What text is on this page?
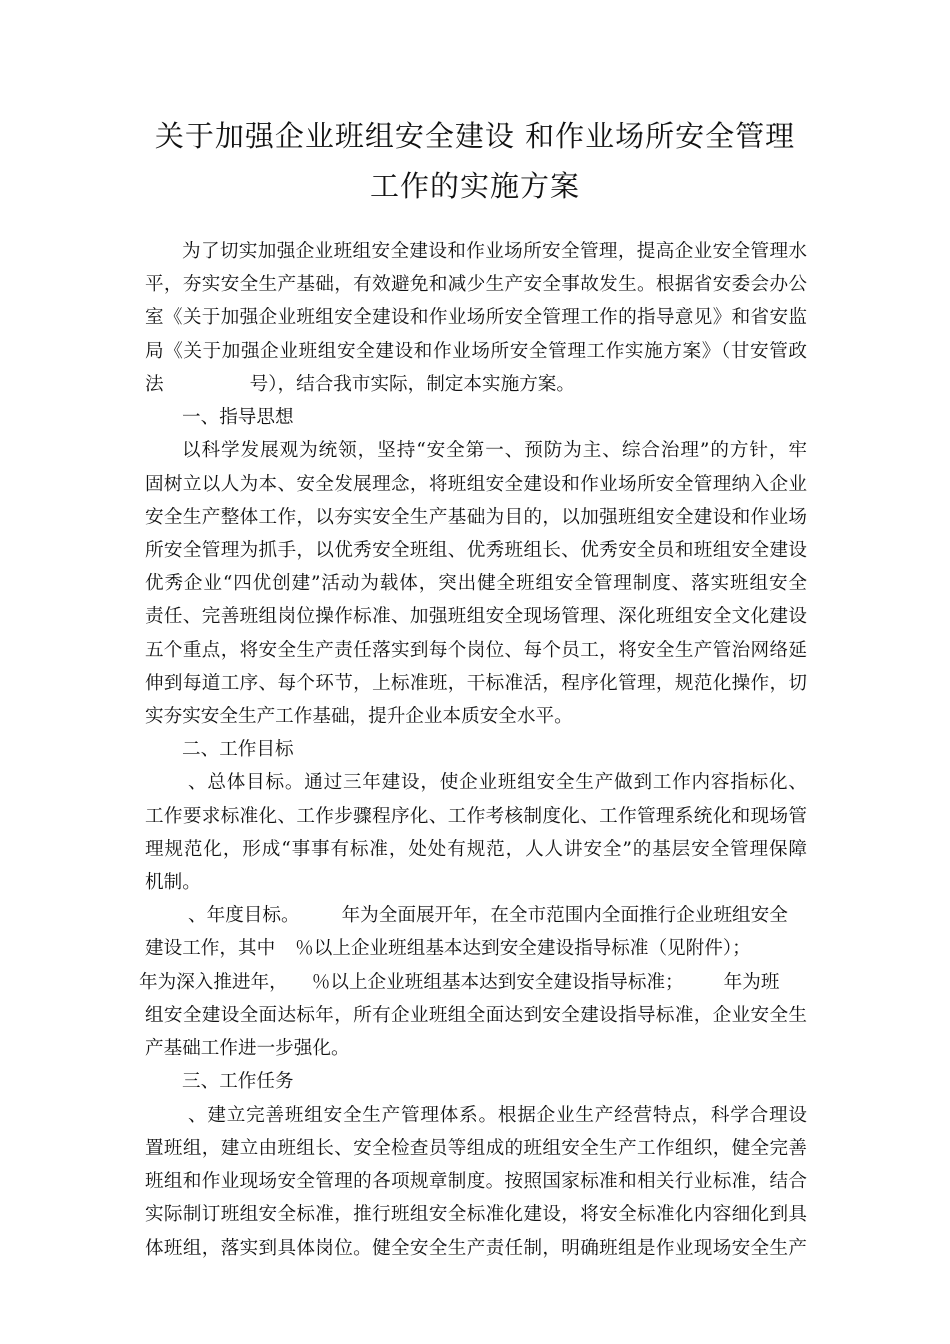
关于加强企业班组安全建设 和作业场所安全管理
工作的实施方案
为了切实加强企业班组安全建设和作业场所安全管理，提高企业安全管理水
平，夯实安全生产基础，有效避免和减少生产安全事故发生。根据省安委会办公
室《关于加强企业班组安全建设和作业场所安全管理工作的指导意见》和省安监
局《关于加强企业班组安全建设和作业场所安全管理工作实施方案》（甘安管政
法	号），结合我市实际，制定本实施方案。
一、指导思想
以科学发展观为统领，坚持“安全第一、预防为主、综合治理”的方针，牢
固树立以人为本、安全发展理念，将班组安全建设和作业场所安全管理纳入企业
安全生产整体工作，以夯实安全生产基础为目的，以加强班组安全建设和作业场
所安全管理为抓手，以优秀安全班组、优秀班组长、优秀安全员和班组安全建设
优秀企业“四优创建”活动为载体，突出健全班组安全管理制度、落实班组安全
责任、完善班组岗位操作标准、加强班组安全现场管理、深化班组安全文化建设
五个重点，将安全生产责任落实到每个岗位、每个员工，将安全生产管治网络延
伸到每道工序、每个环节，上标准班，干标准活，程序化管理，规范化操作，切
实夯实安全生产工作基础，提升企业本质安全水平。
二、工作目标
、总体目标。通过三年建设，使企业班组安全生产做到工作内容指标化、
工作要求标准化、工作步骤程序化、工作考核制度化、工作管理系统化和现场管
理规范化，形成“事事有标准，处处有规范，人人讲安全”的基层安全管理保障
机制。
、年度目标。 年为全面展开年，在全市范围内全面推行企业班组安全
建设工作，其中 ％以上企业班组基本达到安全建设指导标准（见附件）；
年为深入推进年， ％以上企业班组基本达到安全建设指导标准； 年为班
组安全建设全面达标年，所有企业班组全面达到安全建设指导标准，企业安全生
产基础工作进一步强化。
三、工作任务
、建立完善班组安全生产管理体系。根据企业生产经营特点，科学合理设
置班组，建立由班组长、安全检查员等组成的班组安全生产工作组织，健全完善
班组和作业现场安全管理的各项规章制度。按照国家标准和相关行业标准，结合
实际制订班组安全标准，推行班组安全标准化建设，将安全标准化内容细化到具
体班组，落实到具体岗位。健全安全生产责任制，明确班组是作业现场安全生产
